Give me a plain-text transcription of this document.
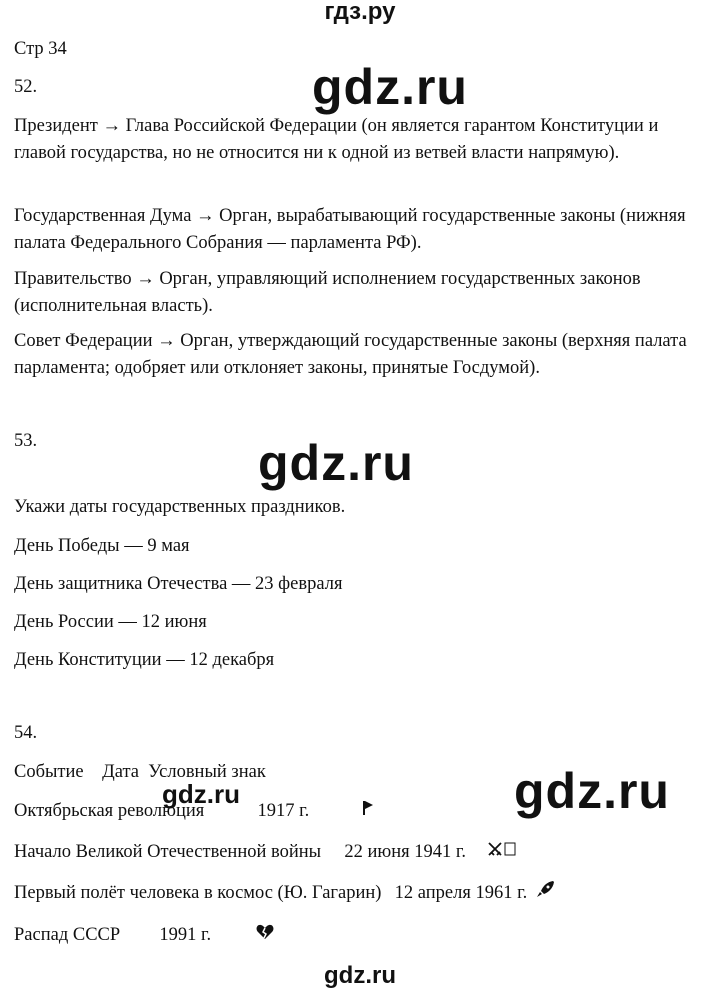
гдз.ру
Стр 34
52.	gdz.ru
Президент → Глава Российской Федерации (он является гарантом Конституции и главой государства, но не относится ни к одной из ветвей власти напрямую).
Государственная Дума → Орган, вырабатывающий государственные законы (нижняя палата Федерального Собрания — парламента РФ).
Правительство → Орган, управляющий исполнением государственных законов (исполнительная власть).
Совет Федерации → Орган, утверждающий государственные законы (верхняя палата парламента; одобряет или отклоняет законы, принятые Госдумой).
53.	gdz.ru
Укажи даты государственных праздников.
День Победы — 9 мая
День защитника Отечества — 23 февраля
День России — 12 июня
День Конституции — 12 декабря
54.
Событие    Дата  Условный знак	gdz.ru
gdz.ru
Октябрьская революция	1917 г.
Начало Великой Отечественной войны 22 июня 1941 г.
Первый полёт человека в космос (Ю. Гагарин) 12 апреля 1961 г.
Распад СССР 1991 г.
gdz.ru
